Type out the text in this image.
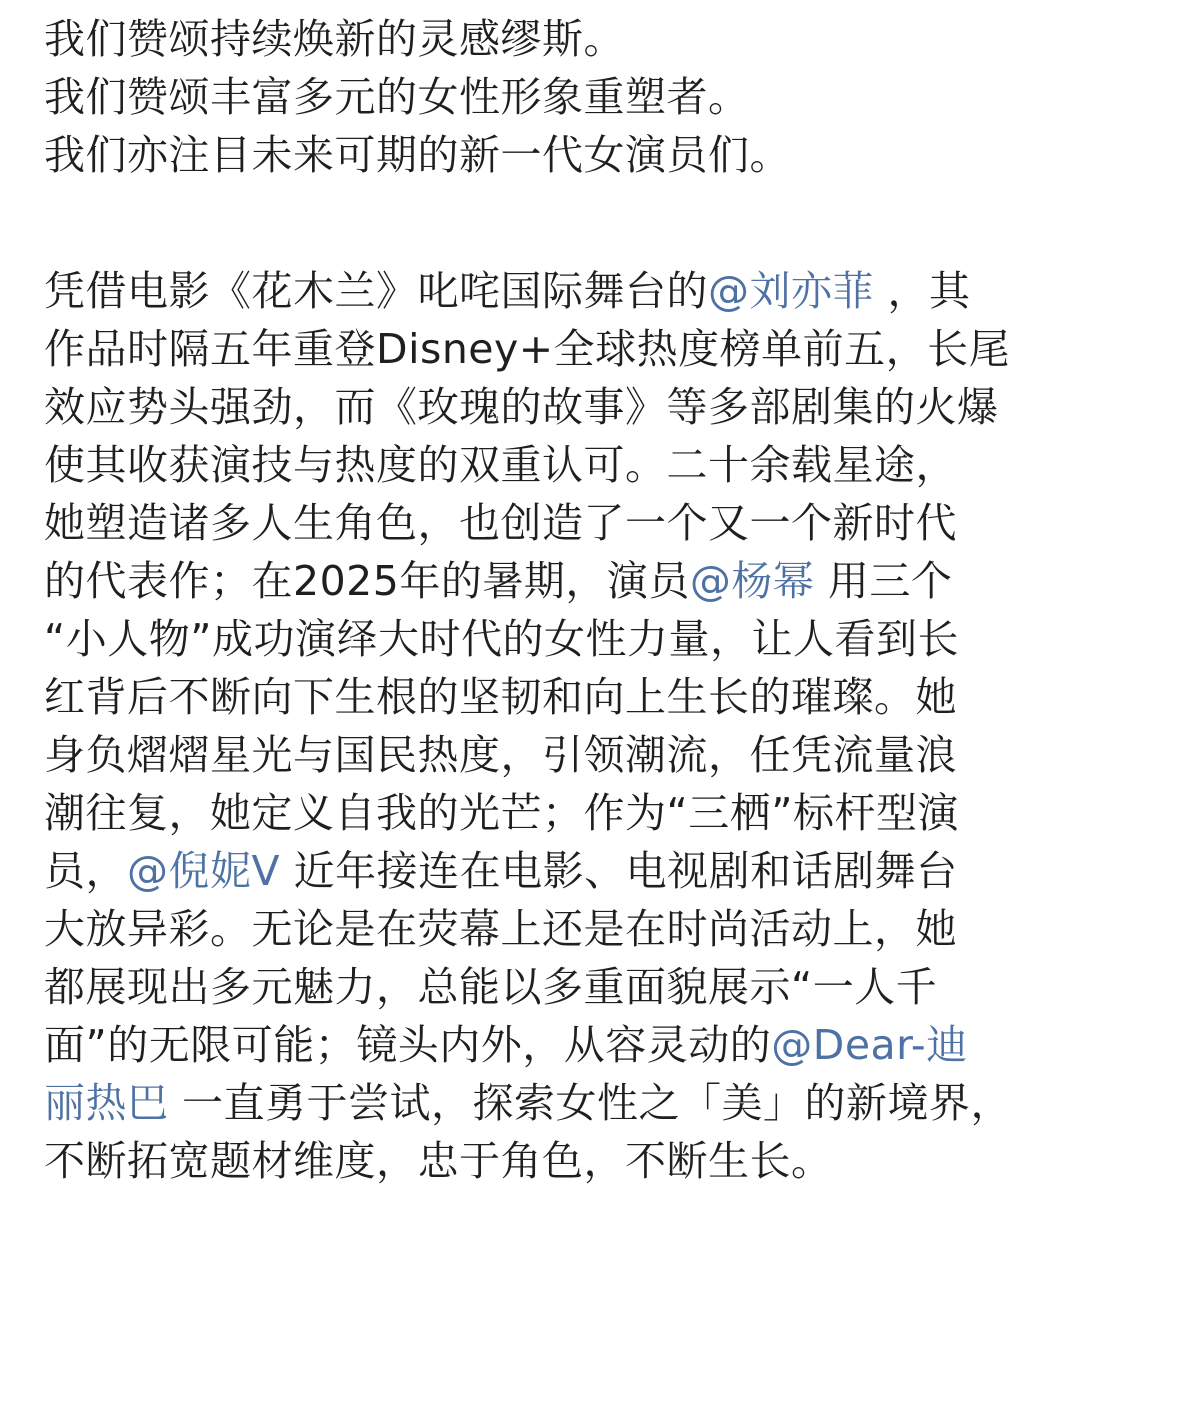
我们赞颂持续焕新的灵感缪斯。
我们赞颂丰富多元的女性形象重塑者。
我们亦注目未来可期的新一代女演员们。
凭借电影《花木兰》叱咤国际舞台的@刘亦菲 ，其
作品时隔五年重登Disney+全球热度榜单前五，长尾
效应势头强劲，而《玫瑰的故事》等多部剧集的火爆
使其收获演技与热度的双重认可。二十余载星途，
她塑造诸多人生角色，也创造了一个又一个新时代
的代表作；在2025年的暑期，演员@杨幂 用三个
“小人物”成功演绎大时代的女性力量，让人看到长
红背后不断向下生根的坚韧和向上生长的璀璨。她
身负熠熠星光与国民热度，引领潮流，任凭流量浪
潮往复，她定义自我的光芒；作为“三栖”标杆型演
员，@倪妮V 近年接连在电影、电视剧和话剧舞台
大放异彩。无论是在荧幕上还是在时尚活动上，她
都展现出多元魅力，总能以多重面貌展示“一人千
面”的无限可能；镜头内外，从容灵动的@Dear-迪
丽热巴 一直勇于尝试，探索女性之「美」的新境界，
不断拓宽题材维度，忠于角色，不断生长。
